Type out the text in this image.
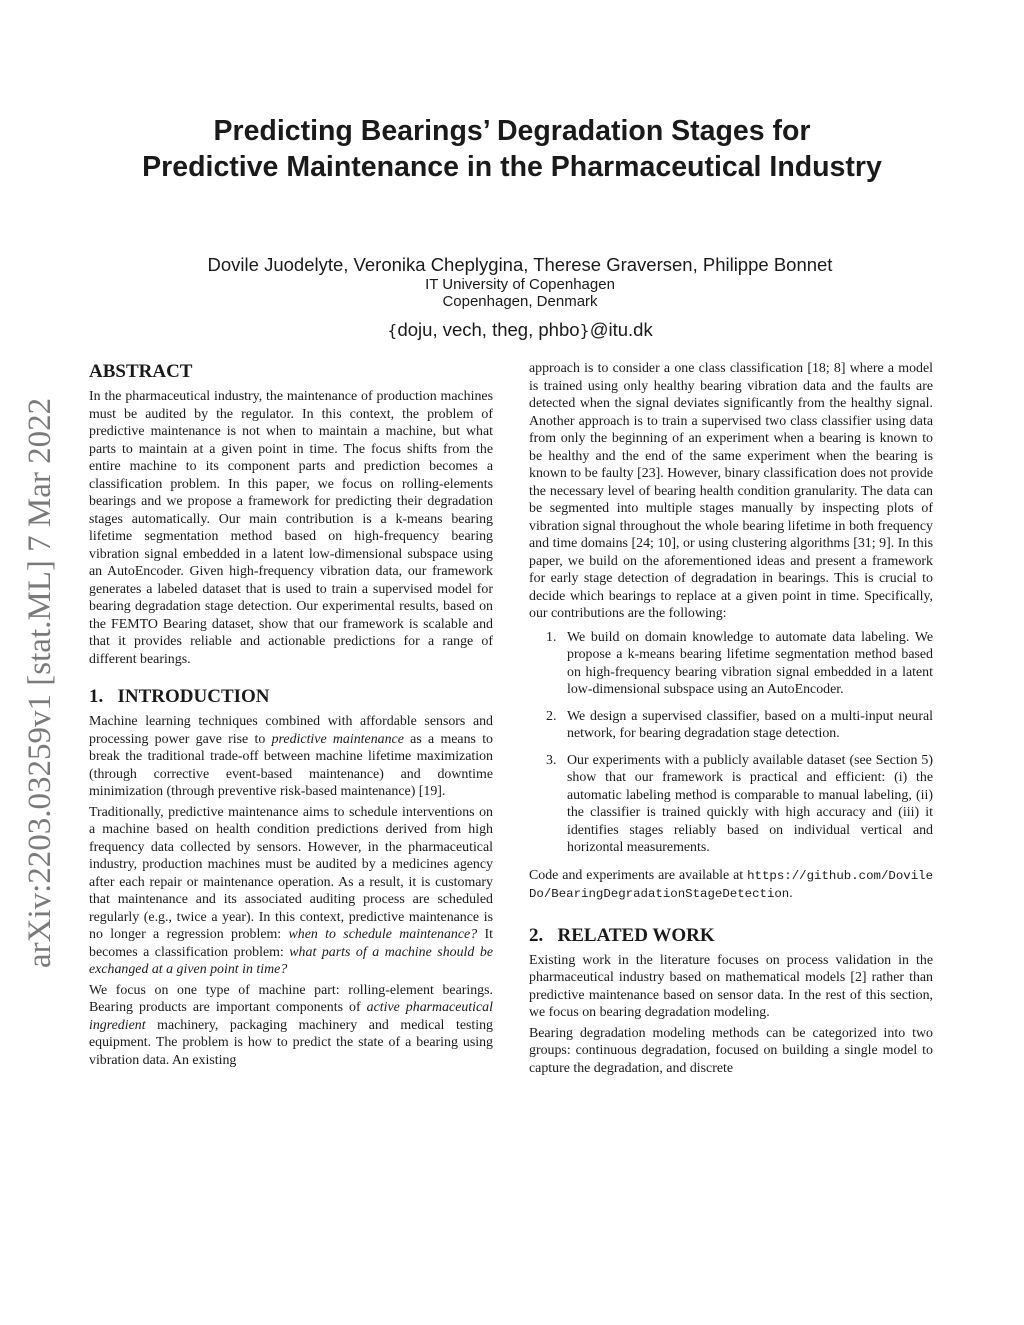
arXiv:2203.03259v1 [stat.ML] 7 Mar 2022
Predicting Bearings’ Degradation Stages for
Predictive Maintenance in the Pharmaceutical Industry
Dovile Juodelyte, Veronika Cheplygina, Therese Graversen, Philippe Bonnet
IT University of Copenhagen
Copenhagen, Denmark
{doju, vech, theg, phbo}@itu.dk
ABSTRACT

In the pharmaceutical industry, the maintenance of production machines must be audited by the regulator. In this context, the problem of predictive maintenance is not when to maintain a machine, but what parts to maintain at a given point in time. The focus shifts from the entire machine to its component parts and prediction becomes a classification problem. In this paper, we focus on rolling-elements bearings and we propose a framework for predicting their degradation stages automatically. Our main contribution is a k-means bearing lifetime segmentation method based on high-frequency bearing vibration signal embedded in a latent low-dimensional subspace using an AutoEncoder. Given high-frequency vibration data, our framework generates a labeled dataset that is used to train a supervised model for bearing degradation stage detection. Our experimental results, based on the FEMTO Bearing dataset, show that our framework is scalable and that it provides reliable and actionable predictions for a range of different bearings.

1.   INTRODUCTION

Machine learning techniques combined with affordable sensors and processing power gave rise to predictive maintenance as a means to break the traditional trade-off between machine lifetime maximization (through corrective event-based maintenance) and downtime minimization (through preventive risk-based maintenance) [19].

Traditionally, predictive maintenance aims to schedule interventions on a machine based on health condition predictions derived from high frequency data collected by sensors. However, in the pharmaceutical industry, production machines must be audited by a medicines agency after each repair or maintenance operation. As a result, it is customary that maintenance and its associated auditing process are scheduled regularly (e.g., twice a year). In this context, predictive maintenance is no longer a regression problem: when to schedule maintenance? It becomes a classification problem: what parts of a machine should be exchanged at a given point in time?

We focus on one type of machine part: rolling-element bearings. Bearing products are important components of active pharmaceutical ingredient machinery, packaging machinery and medical testing equipment. The problem is how to predict the state of a bearing using vibration data. An existing

approach is to consider a one class classification [18; 8] where a model is trained using only healthy bearing vibration data and the faults are detected when the signal deviates significantly from the healthy signal. Another approach is to train a supervised two class classifier using data from only the beginning of an experiment when a bearing is known to be healthy and the end of the same experiment when the bearing is known to be faulty [23]. However, binary classification does not provide the necessary level of bearing health condition granularity. The data can be segmented into multiple stages manually by inspecting plots of vibration signal throughout the whole bearing lifetime in both frequency and time domains [24; 10], or using clustering algorithms [31; 9]. In this paper, we build on the aforementioned ideas and present a framework for early stage detection of degradation in bearings. This is crucial to decide which bearings to replace at a given point in time. Specifically, our contributions are the following:

1. We build on domain knowledge to automate data labeling. We propose a k-means bearing lifetime segmentation method based on high-frequency bearing vibration signal embedded in a latent low-dimensional subspace using an AutoEncoder.
2. We design a supervised classifier, based on a multi-input neural network, for bearing degradation stage detection.
3. Our experiments with a publicly available dataset (see Section 5) show that our framework is practical and efficient: (i) the automatic labeling method is comparable to manual labeling, (ii) the classifier is trained quickly with high accuracy and (iii) it identifies stages reliably based on individual vertical and horizontal measurements.

Code and experiments are available at https://github.com/DovileDo/BearingDegradationStageDetection.

2.   RELATED WORK

Existing work in the literature focuses on process validation in the pharmaceutical industry based on mathematical models [2] rather than predictive maintenance based on sensor data. In the rest of this section, we focus on bearing degradation modeling.

Bearing degradation modeling methods can be categorized into two groups: continuous degradation, focused on building a single model to capture the degradation, and discrete
